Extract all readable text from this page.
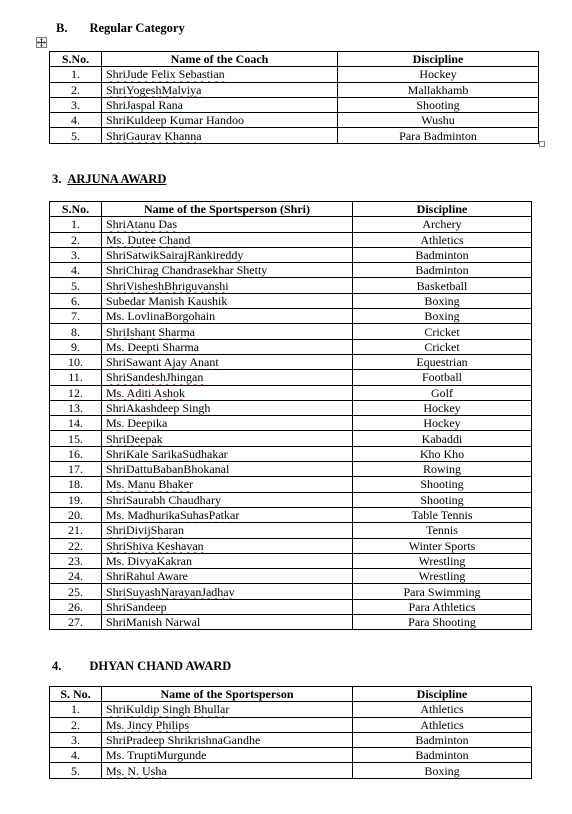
B. Regular Category
S.No.	Name of the Coach	Discipline
1.	ShriJude Felix Sebastian	Hockey
2.	ShriYogeshMalviya	Mallakhamb
3.	ShriJaspal Rana	Shooting
4.	ShriKuldeep Kumar Handoo	Wushu
5.	ShriGaurav Khanna	Para Badminton
3. ARJUNA AWARD
S.No.	Name of the Sportsperson (Shri)	Discipline
1.	ShriAtanu Das	Archery
2.	Ms. Dutee Chand	Athletics
3.	ShriSatwikSairajRankireddy	Badminton
4.	ShriChirag Chandrasekhar Shetty	Badminton
5.	ShriVisheshBhriguvanshi	Basketball
6.	Subedar Manish Kaushik	Boxing
7.	Ms. LovlinaBorgohain	Boxing
8.	ShriIshant Sharma	Cricket
9.	Ms. Deepti Sharma	Cricket
10.	ShriSawant Ajay Anant	Equestrian
11.	ShriSandeshJhingan	Football
12.	Ms. Aditi Ashok	Golf
13.	ShriAkashdeep Singh	Hockey
14.	Ms. Deepika	Hockey
15.	ShriDeepak	Kabaddi
16.	ShriKale SarikaSudhakar	Kho Kho
17.	ShriDattuBabanBhokanal	Rowing
18.	Ms. Manu Bhaker	Shooting
19.	ShriSaurabh Chaudhary	Shooting
20.	Ms. MadhurikaSuhasPatkar	Table Tennis
21.	ShriDivijSharan	Tennis
22.	ShriShiva Keshavan	Winter Sports
23.	Ms. DivyaKakran	Wrestling
24.	ShriRahul Aware	Wrestling
25.	ShriSuyashNarayanJadhav	Para Swimming
26.	ShriSandeep	Para Athletics
27.	ShriManish Narwal	Para Shooting
4. DHYAN CHAND AWARD
S. No.	Name of the Sportsperson	Discipline
1.	ShriKuldip Singh Bhullar	Athletics
2.	Ms. Jincy Philips	Athletics
3.	ShriPradeep ShrikrishnaGandhe	Badminton
4.	Ms. TruptiMurgunde	Badminton
5.	Ms. N. Usha	Boxing
